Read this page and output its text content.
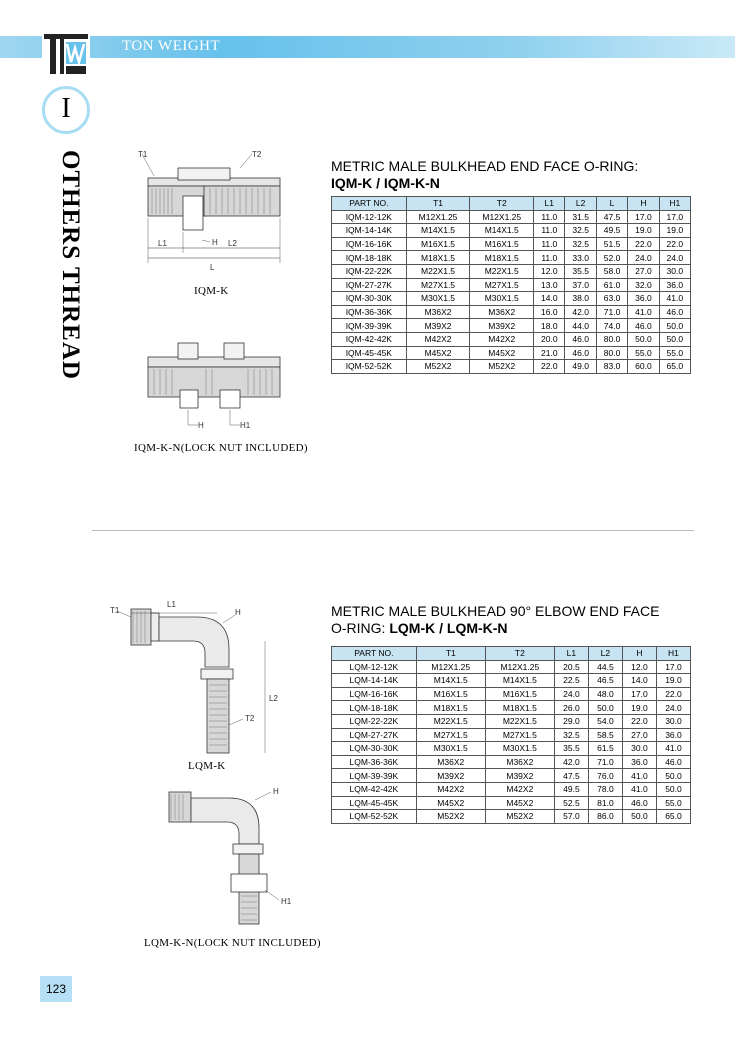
TON WEIGHT
I
OTHERS THREAD	T1	T2
H
L1	L2
L
IQM-K
H	H1
IQM-K-N(LOCK NUT INCLUDED)
METRIC MALE BULKHEAD END FACE O-RING:
IQM-K / IQM-K-N
PART NO.	T1	T2	L1	L2	L	H	H1
IQM-12-12K	M12X1.25	M12X1.25	11.0	31.5	47.5	17.0	17.0
IQM-14-14K	M14X1.5	M14X1.5	11.0	32.5	49.5	19.0	19.0
IQM-16-16K	M16X1.5	M16X1.5	11.0	32.5	51.5	22.0	22.0
IQM-18-18K	M18X1.5	M18X1.5	11.0	33.0	52.0	24.0	24.0
IQM-22-22K	M22X1.5	M22X1.5	12.0	35.5	58.0	27.0	30.0
IQM-27-27K	M27X1.5	M27X1.5	13.0	37.0	61.0	32.0	36.0
IQM-30-30K	M30X1.5	M30X1.5	14.0	38.0	63.0	36.0	41.0
IQM-36-36K	M36X2	M36X2	16.0	42.0	71.0	41.0	46.0
IQM-39-39K	M39X2	M39X2	18.0	44.0	74.0	46.0	50.0
IQM-42-42K	M42X2	M42X2	20.0	46.0	80.0	50.0	50.0
IQM-45-45K	M45X2	M45X2	21.0	46.0	80.0	55.0	55.0
IQM-52-52K	M52X2	M52X2	22.0	49.0	83.0	60.0	65.0
T1
L1
H
L2
T2
LQM-K
H
H1
LQM-K-N(LOCK NUT INCLUDED)
METRIC MALE BULKHEAD 90° ELBOW END FACE
O-RING: LQM-K / LQM-K-N
PART NO.	T1	T2	L1	L2	H	H1
LQM-12-12K	M12X1.25	M12X1.25	20.5	44.5	12.0	17.0
LQM-14-14K	M14X1.5	M14X1.5	22.5	46.5	14.0	19.0
LQM-16-16K	M16X1.5	M16X1.5	24.0	48.0	17.0	22.0
LQM-18-18K	M18X1.5	M18X1.5	26.0	50.0	19.0	24.0
LQM-22-22K	M22X1.5	M22X1.5	29.0	54.0	22.0	30.0
LQM-27-27K	M27X1.5	M27X1.5	32.5	58.5	27.0	36.0
LQM-30-30K	M30X1.5	M30X1.5	35.5	61.5	30.0	41.0
LQM-36-36K	M36X2	M36X2	42.0	71.0	36.0	46.0
LQM-39-39K	M39X2	M39X2	47.5	76.0	41.0	50.0
LQM-42-42K	M42X2	M42X2	49.5	78.0	41.0	50.0
LQM-45-45K	M45X2	M45X2	52.5	81.0	46.0	55.0
LQM-52-52K	M52X2	M52X2	57.0	86.0	50.0	65.0
123
